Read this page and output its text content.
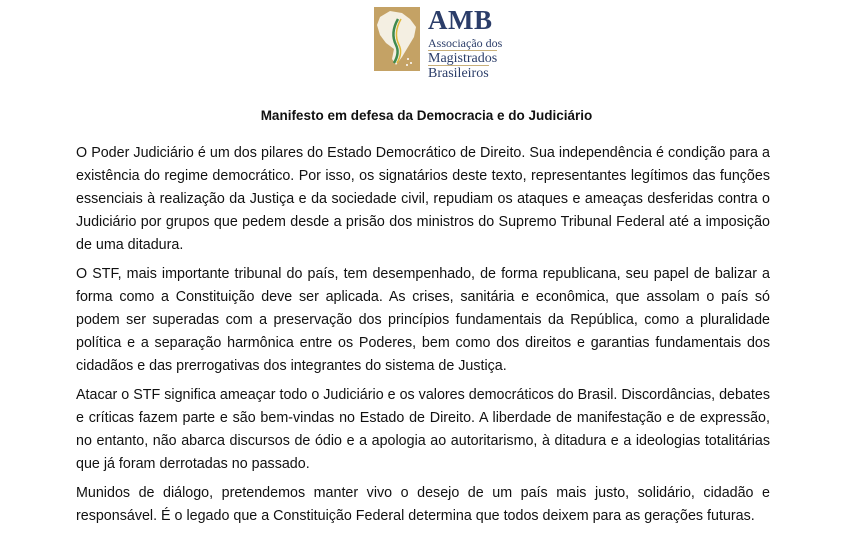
AMB
Associação dos
Magistrados
Brasileiros
Manifesto em defesa da Democracia e do Judiciário

O Poder Judiciário é um dos pilares do Estado Democrático de Direito. Sua independência é condição para a existência do regime democrático. Por isso, os signatários deste texto, representantes legítimos das funções essenciais à realização da Justiça e da sociedade civil, repudiam os ataques e ameaças desferidas contra o Judiciário por grupos que pedem desde a prisão dos ministros do Supremo Tribunal Federal até a imposição de uma ditadura.

O STF, mais importante tribunal do país, tem desempenhado, de forma republicana, seu papel de balizar a forma como a Constituição deve ser aplicada. As crises, sanitária e econômica, que assolam o país só podem ser superadas com a preservação dos princípios fundamentais da República, como a pluralidade política e a separação harmônica entre os Poderes, bem como dos direitos e garantias fundamentais dos cidadãos e das prerrogativas dos integrantes do sistema de Justiça.

Atacar o STF significa ameaçar todo o Judiciário e os valores democráticos do Brasil. Discordâncias, debates e críticas fazem parte e são bem-vindas no Estado de Direito. A liberdade de manifestação e de expressão, no entanto, não abarca discursos de ódio e a apologia ao autoritarismo, à ditadura e a ideologias totalitárias que já foram derrotadas no passado.

Munidos de diálogo, pretendemos manter vivo o desejo de um país mais justo, solidário, cidadão e responsável. É o legado que a Constituição Federal determina que todos deixem para as gerações futuras.
